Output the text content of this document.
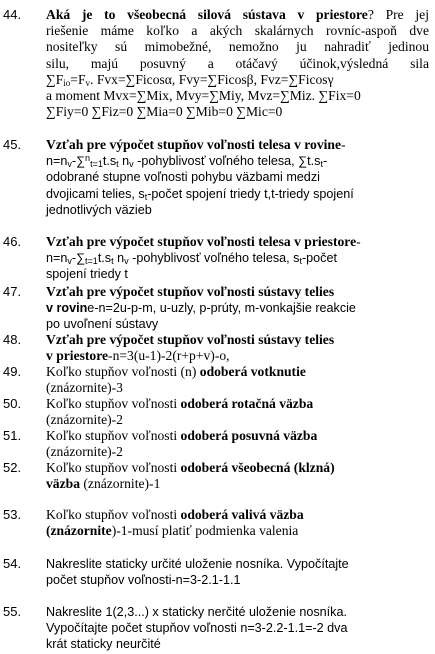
44.	Aká je to všeobecná silová sústava v priestore? Pre jej
riešenie máme koľko a akých skalárnych rovníc-aspoň dve
nositeľky sú mimobežné, nemožno ju nahradiť jedinou
silu, majú posuvný a otáčavý účinok,výsledná sila
$\sum F_{io}=F_v$. Fvx=∑Ficosα, Fvy=∑Ficosβ, Fvz=∑Ficosγ
a moment Mvx=∑Mix, Mvy=∑Miy, Mvz=∑Miz. ∑Fix=0
∑Fiy=0 ∑Fiz=0 ∑Mia=0 ∑Mib=0 ∑Mic=0
45.	Vzťah pre výpočet stupňov voľnosti telesa v rovine-
$n=n_v-\sum^n_{t=1}t.s_t$ $n_v$ -pohyblivosť voľného telesa, $\sum t.s_t-$
odobrané stupne voľnosti pohybu väzbami medzi
dvojicami telies, $s_t$-počet spojení triedy t,t-triedy spojení
jednotlivých väzieb
46.	Vzťah pre výpočet stupňov voľnosti telesa v priestore-
$n=n_v-\sum_{t=1}t.s_t$ $n_v$ -pohyblivosť voľného telesa, $s_t$-počet
spojení triedy t
47.	Vzťah pre výpočet stupňov voľnosti sústavy telies
v rovine-n=2u-p-m, u-uzly, p-prúty, m-vonkajšie reakcie
po uvoľnení sústavy
48.	Vzťah pre výpočet stupňov voľnosti sústavy telies
v priestore-n=3(u-1)-2(r+p+v)-o,
49.	Koľko stupňov voľnosti (n) odoberá votknutie
(znázornite)-3
50.	Koľko stupňov voľnosti odoberá rotačná väzba
(znázornite)-2
51.	Koľko stupňov voľnosti odoberá posuvná väzba
(znázornite)-2
52.	Koľko stupňov voľnosti odoberá všeobecná (klzná)
väzba (znázornite)-1
53.	Koľko stupňov voľnosti odoberá valivá väzba
(znázornite)-1-musí platiť podmienka valenia
54.	Nakreslite staticky určité uloženie nosníka. Vypočítajte
počet stupňov voľnosti-n=3-2.1-1.1
55.	Nakreslite 1(2,3...) x staticky nerčité uloženie nosníka.
Vypočítajte počet stupňov voľnosti n=3-2.2-1.1=-2 dva
krát staticky neurčité
